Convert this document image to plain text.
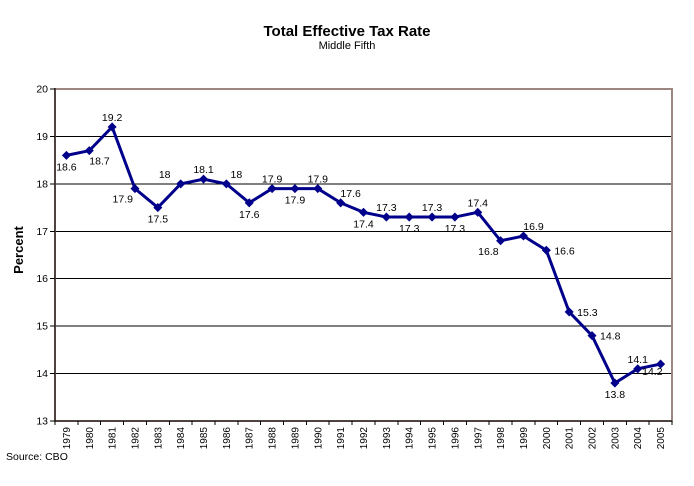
Total Effective Tax Rate
Middle Fifth
13
14
15
16
17
18
19
20
1979 1980 1981 1982 1983 1984 1985 1986 1987 1988 1989 1990 1991 1992 1993 1994 1995 1996 1997 1998 1999 2000 2001 2002 2003 2004 2005
Percent
18.6 18.7
19.2
17.9
17.5
18 18.1 18
17.6
17.9
17.9
17.9
17.6
17.4
17.3
17.3
17.3
17.3
17.4
16.8
16.9
16.6
15.3
14.8
13.8
14.1
14.2
Source: CBO
